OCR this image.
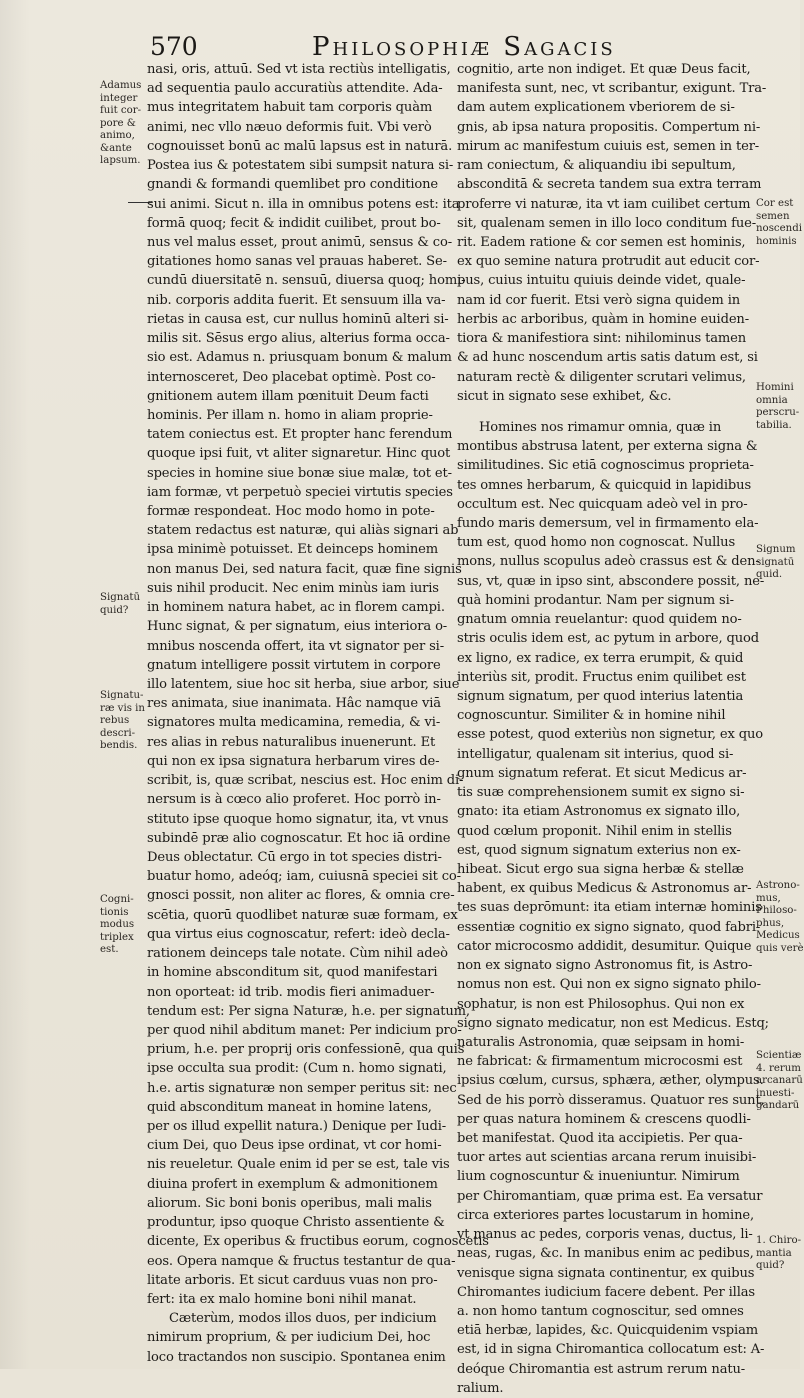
570	Philosophiæ Sagacis
nasi, oris, attuū. Sed vt ista rectiùs intelligatis,
ad sequentia paulo accuratiùs attendite. Ada-
mus integritatem habuit tam corporis quàm
animi, nec vllo næuo deformis fuit. Vbi verò
cognouisset bonū ac malū lapsus est in naturā.
Postea ius & potestatem sibi sumpsit natura si-
gnandi & formandi quemlibet pro conditione
sui animi. Sicut n. illa in omnibus potens est: ita
formā quoq; fecit & indidit cuilibet, prout bo-
nus vel malus esset, prout animū, sensus & co-
gitationes homo sanas vel prauas haberet. Se-
cundū diuersitatē n. sensuū, diuersa quoq; homi-
nib. corporis addita fuerit. Et sensuum illa va-
rietas in causa est, cur nullus hominū alteri si-
milis sit. Sēsus ergo alius, alterius forma occa-
sio est. Adamus n. priusquam bonum & malum
internosceret, Deo placebat optimè. Post co-
gnitionem autem illam pœnituit Deum facti
hominis. Per illam n. homo in aliam proprie-
tatem coniectus est. Et propter hanc ferendum
quoque ipsi fuit, vt aliter signaretur. Hinc quot
species in homine siue bonæ siue malæ, tot et-
iam formæ, vt perpetuò speciei virtutis species
formæ respondeat. Hoc modo homo in pote-
statem redactus est naturæ, qui aliàs signari ab
ipsa minimè potuisset. Et deinceps hominem
non manus Dei, sed natura facit, quæ fine signis
suis nihil producit. Nec enim minùs iam iuris
in hominem natura habet, ac in florem campi.
Hunc signat, & per signatum, eius interiora o-
mnibus noscenda offert, ita vt signator per si-
gnatum intelligere possit virtutem in corpore
illo latentem, siue hoc sit herba, siue arbor, siue
res animata, siue inanimata. Hâc namque viā
signatores multa medicamina, remedia, & vi-
res alias in rebus naturalibus inuenerunt. Et
qui non ex ipsa signatura herbarum vires de-
scribit, is, quæ scribat, nescius est. Hoc enim di-
nersum is à cœco alio proferet. Hoc porrò in-
stituto ipse quoque homo signatur, ita, vt vnus
subindē præ alio cognoscatur. Et hoc iā ordine
Deus oblectatur. Cū ergo in tot species distri-
buatur homo, adeóq; iam, cuiusnā speciei sit co-
gnosci possit, non aliter ac flores, & omnia cre-
scētia, quorū quodlibet naturæ suæ formam, ex
qua virtus eius cognoscatur, refert: ideò decla-
rationem deinceps tale notate. Cùm nihil adeò
in homine absconditum sit, quod manifestari
non oporteat: id trib. modis fieri animaduer-
tendum est: Per signa Naturæ, h.e. per signatum,
per quod nihil abditum manet: Per indicium pro-
prium, h.e. per proprij oris confessionē, qua quis
ipse occulta sua prodit: (Cum n. homo signati,
h.e. artis signaturæ non semper peritus sit: nec
quid absconditum maneat in homine latens,
per os illud expellit natura.) Denique per Iudi-
cium Dei, quo Deus ipse ordinat, vt cor homi-
nis reueletur. Quale enim id per se est, tale vis
diuina profert in exemplum & admonitionem
aliorum. Sic boni bonis operibus, mali malis
produntur, ipso quoque Christo assentiente &
dicente, Ex operibus & fructibus eorum, cognoscetis
eos. Opera namque & fructus testantur de qua-
litate arboris. Et sicut carduus vuas non pro-
fert: ita ex malo homine boni nihil manat.
Cæterùm, modos illos duos, per indicium
nimirum proprium, & per iudicium Dei, hoc
loco tractandos non suscipio. Spontanea enim
cognitio, arte non indiget. Et quæ Deus facit,
manifesta sunt, nec, vt scribantur, exigunt. Tra-
dam autem explicationem vberiorem de si-
gnis, ab ipsa natura propositis. Compertum ni-
mirum ac manifestum cuiuis est, semen in ter-
ram coniectum, & aliquandiu ibi sepultum,
absconditā & secreta tandem sua extra terram
proferre vi naturæ, ita vt iam cuilibet certum
sit, qualenam semen in illo loco conditum fue-
rit. Eadem ratione & cor semen est hominis,
ex quo semine natura protrudit aut educit cor-
pus, cuius intuitu quiuis deinde videt, quale-
nam id cor fuerit. Etsi verò signa quidem in
herbis ac arboribus, quàm in homine euiden-
tiora & manifestiora sint: nihilominus tamen
& ad hunc noscendum artis satis datum est, si
naturam rectè & diligenter scrutari velimus,
sicut in signato sese exhibet, &c.
Homines nos rimamur omnia, quæ in
montibus abstrusa latent, per externa signa &
similitudines. Sic etiā cognoscimus proprieta-
tes omnes herbarum, & quicquid in lapidibus
occultum est. Nec quicquam adeò vel in pro-
fundo maris demersum, vel in firmamento ela-
tum est, quod homo non cognoscat. Nullus
mons, nullus scopulus adeò crassus est & den-
sus, vt, quæ in ipso sint, abscondere possit, ne-
quà homini prodantur. Nam per signum si-
gnatum omnia reuelantur: quod quidem no-
stris oculis idem est, ac pytum in arbore, quod
ex ligno, ex radice, ex terra erumpit, & quid
interiùs sit, prodit. Fructus enim quilibet est
signum signatum, per quod interius latentia
cognoscuntur. Similiter & in homine nihil
esse potest, quod exteriùs non signetur, ex quo
intelligatur, qualenam sit interius, quod si-
gnum signatum referat. Et sicut Medicus ar-
tis suæ comprehensionem sumit ex signo si-
gnato: ita etiam Astronomus ex signato illo,
quod cœlum proponit. Nihil enim in stellis
est, quod signum signatum exterius non ex-
hibeat. Sicut ergo sua signa herbæ & stellæ
habent, ex quibus Medicus & Astronomus ar-
tes suas deprōmunt: ita etiam internæ hominis
essentiæ cognitio ex signo signato, quod fabri-
cator microcosmo addidit, desumitur. Quique
non ex signato signo Astronomus fit, is Astro-
nomus non est. Qui non ex signo signato philo-
sophatur, is non est Philosophus. Qui non ex
signo signato medicatur, non est Medicus. Estq;
naturalis Astronomia, quæ seipsam in homi-
ne fabricat: & firmamentum microcosmi est
ipsius cœlum, cursus, sphæra, æther, olympus.
Sed de his porrò disseramus. Quatuor res sunt,
per quas natura hominem & crescens quodli-
bet manifestat. Quod ita accipietis. Per qua-
tuor artes aut scientias arcana rerum inuisibi-
lium cognoscuntur & inueniuntur. Nimirum
per Chiromantiam, quæ prima est. Ea versatur
circa exteriores partes locustarum in homine,
vt manus ac pedes, corporis venas, ductus, li-
neas, rugas, &c. In manibus enim ac pedibus,
venisque signa signata continentur, ex quibus
Chiromantes iudicium facere debent. Per illas
a. non homo tantum cognoscitur, sed omnes
etiā herbæ, lapides, &c. Quicquidenim vspiam
est, id in signa Chiromantica collocatum est: A-
deóque Chiromantia est astrum rerum natu-
ralium.
Adamus
integer
fuit cor-
pore &
animo,
&ante
lapsum.
Signatū
quid?
Signatu-
ræ vis in
rebus
descri-
bendis.
Cogni-
tionis
modus
triplex
est.
Cor est
semen
noscendi
hominis
Homini
omnia
perscru-
tabilia.
Signum
signatū
quid.
Astrono-
mus,
Philoso-
phus,
Medicus
quis verè
Scientiæ
4. rerum
arcanarū
inuesti-
gandarū
1. Chiro-
mantia
quid?
